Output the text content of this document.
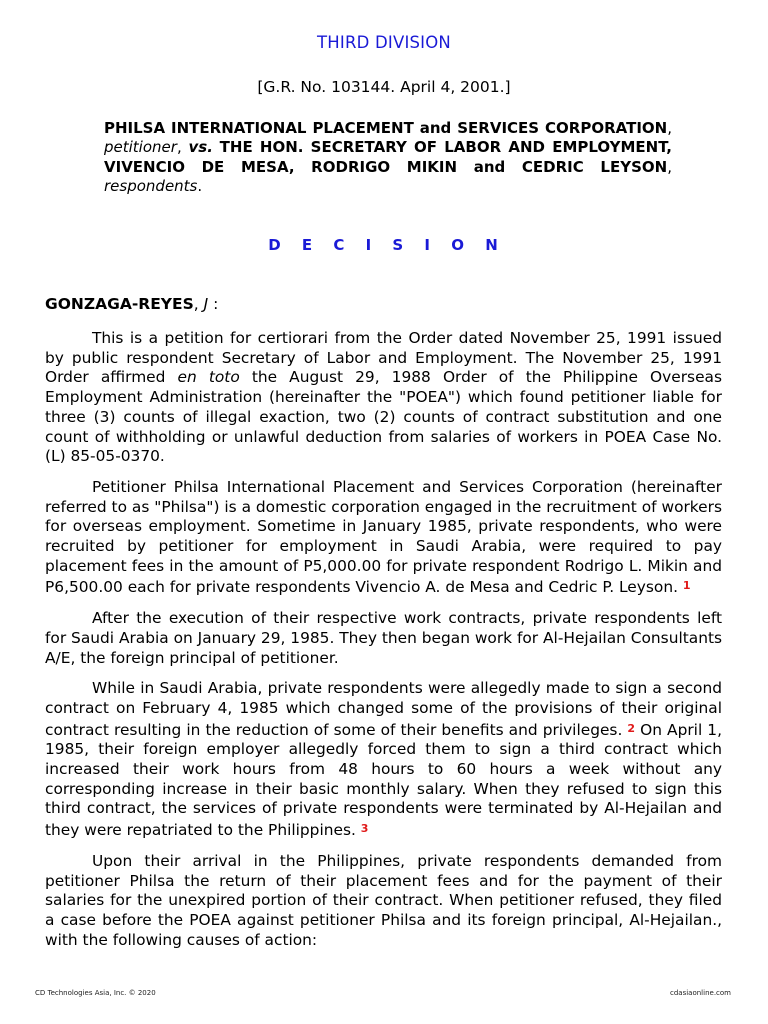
THIRD DIVISION
[G.R. No. 103144. April 4, 2001.]
PHILSA INTERNATIONAL PLACEMENT and SERVICES CORPORATION, petitioner, vs. THE HON. SECRETARY OF LABOR AND EMPLOYMENT, VIVENCIO DE MESA, RODRIGO MIKIN and CEDRIC LEYSON, respondents.
D E C I S I O N
GONZAGA-REYES, J :

This is a petition for certiorari from the Order dated November 25, 1991 issued by public respondent Secretary of Labor and Employment. The November 25, 1991 Order affirmed en toto the August 29, 1988 Order of the Philippine Overseas Employment Administration (hereinafter the "POEA") which found petitioner liable for three (3) counts of illegal exaction, two (2) counts of contract substitution and one count of withholding or unlawful deduction from salaries of workers in POEA Case No. (L) 85-05-0370.

Petitioner Philsa International Placement and Services Corporation (hereinafter referred to as "Philsa") is a domestic corporation engaged in the recruitment of workers for overseas employment. Sometime in January 1985, private respondents, who were recruited by petitioner for employment in Saudi Arabia, were required to pay placement fees in the amount of P5,000.00 for private respondent Rodrigo L. Mikin and P6,500.00 each for private respondents Vivencio A. de Mesa and Cedric P. Leyson. 1

After the execution of their respective work contracts, private respondents left for Saudi Arabia on January 29, 1985. They then began work for Al-Hejailan Consultants A/E, the foreign principal of petitioner.

While in Saudi Arabia, private respondents were allegedly made to sign a second contract on February 4, 1985 which changed some of the provisions of their original contract resulting in the reduction of some of their benefits and privileges. 2 On April 1, 1985, their foreign employer allegedly forced them to sign a third contract which increased their work hours from 48 hours to 60 hours a week without any corresponding increase in their basic monthly salary. When they refused to sign this third contract, the services of private respondents were terminated by Al-Hejailan and they were repatriated to the Philippines. 3

Upon their arrival in the Philippines, private respondents demanded from petitioner Philsa the return of their placement fees and for the payment of their salaries for the unexpired portion of their contract. When petitioner refused, they filed a case before the POEA against petitioner Philsa and its foreign principal, Al-Hejailan., with the following causes of action:

CD Technologies Asia, Inc. © 2020	cdasiaonline.com
